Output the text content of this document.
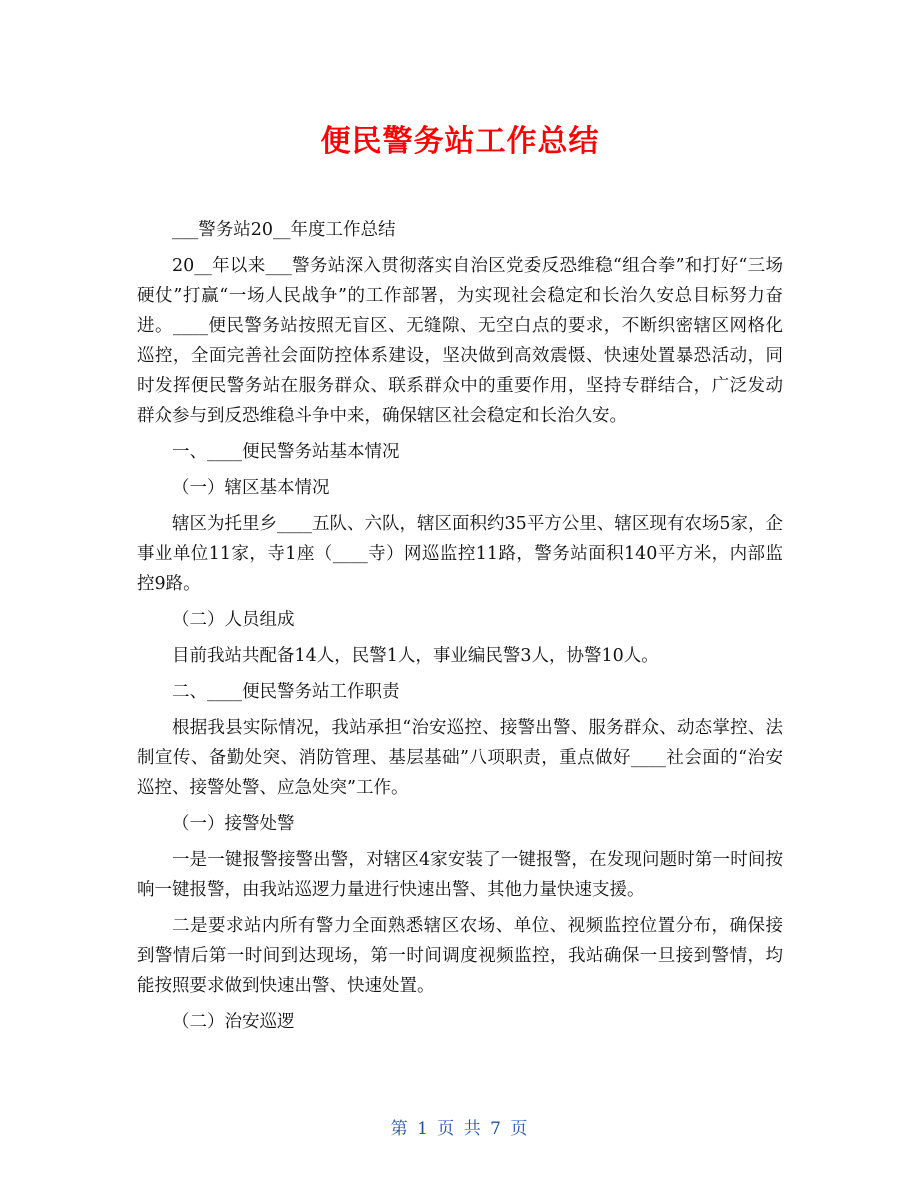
便民警务站工作总结

___警务站20__年度工作总结

20__年以来___警务站深入贯彻落实自治区党委反恐维稳“组合拳”和打好“三场硬仗”打赢“一场人民战争”的工作部署，为实现社会稳定和长治久安总目标努力奋进。____便民警务站按照无盲区、无缝隙、无空白点的要求，不断织密辖区网格化巡控，全面完善社会面防控体系建设，坚决做到高效震慑、快速处置暴恐活动，同时发挥便民警务站在服务群众、联系群众中的重要作用，坚持专群结合，广泛发动群众参与到反恐维稳斗争中来，确保辖区社会稳定和长治久安。

一、____便民警务站基本情况

（一）辖区基本情况

辖区为托里乡____五队、六队，辖区面积约35平方公里、辖区现有农场5家，企事业单位11家，寺1座（____寺）网巡监控11路，警务站面积140平方米，内部监控9路。

（二）人员组成

目前我站共配备14人，民警1人，事业编民警3人，协警10人。

二、____便民警务站工作职责

根据我县实际情况，我站承担“治安巡控、接警出警、服务群众、动态掌控、法制宣传、备勤处突、消防管理、基层基础”八项职责，重点做好____社会面的“治安巡控、接警处警、应急处突”工作。

（一）接警处警

一是一键报警接警出警，对辖区4家安装了一键报警，在发现问题时第一时间按响一键报警，由我站巡逻力量进行快速出警、其他力量快速支援。

二是要求站内所有警力全面熟悉辖区农场、单位、视频监控位置分布，确保接到警情后第一时间到达现场，第一时间调度视频监控，我站确保一旦接到警情，均能按照要求做到快速出警、快速处置。

（二）治安巡逻

第 1 页 共 7 页
